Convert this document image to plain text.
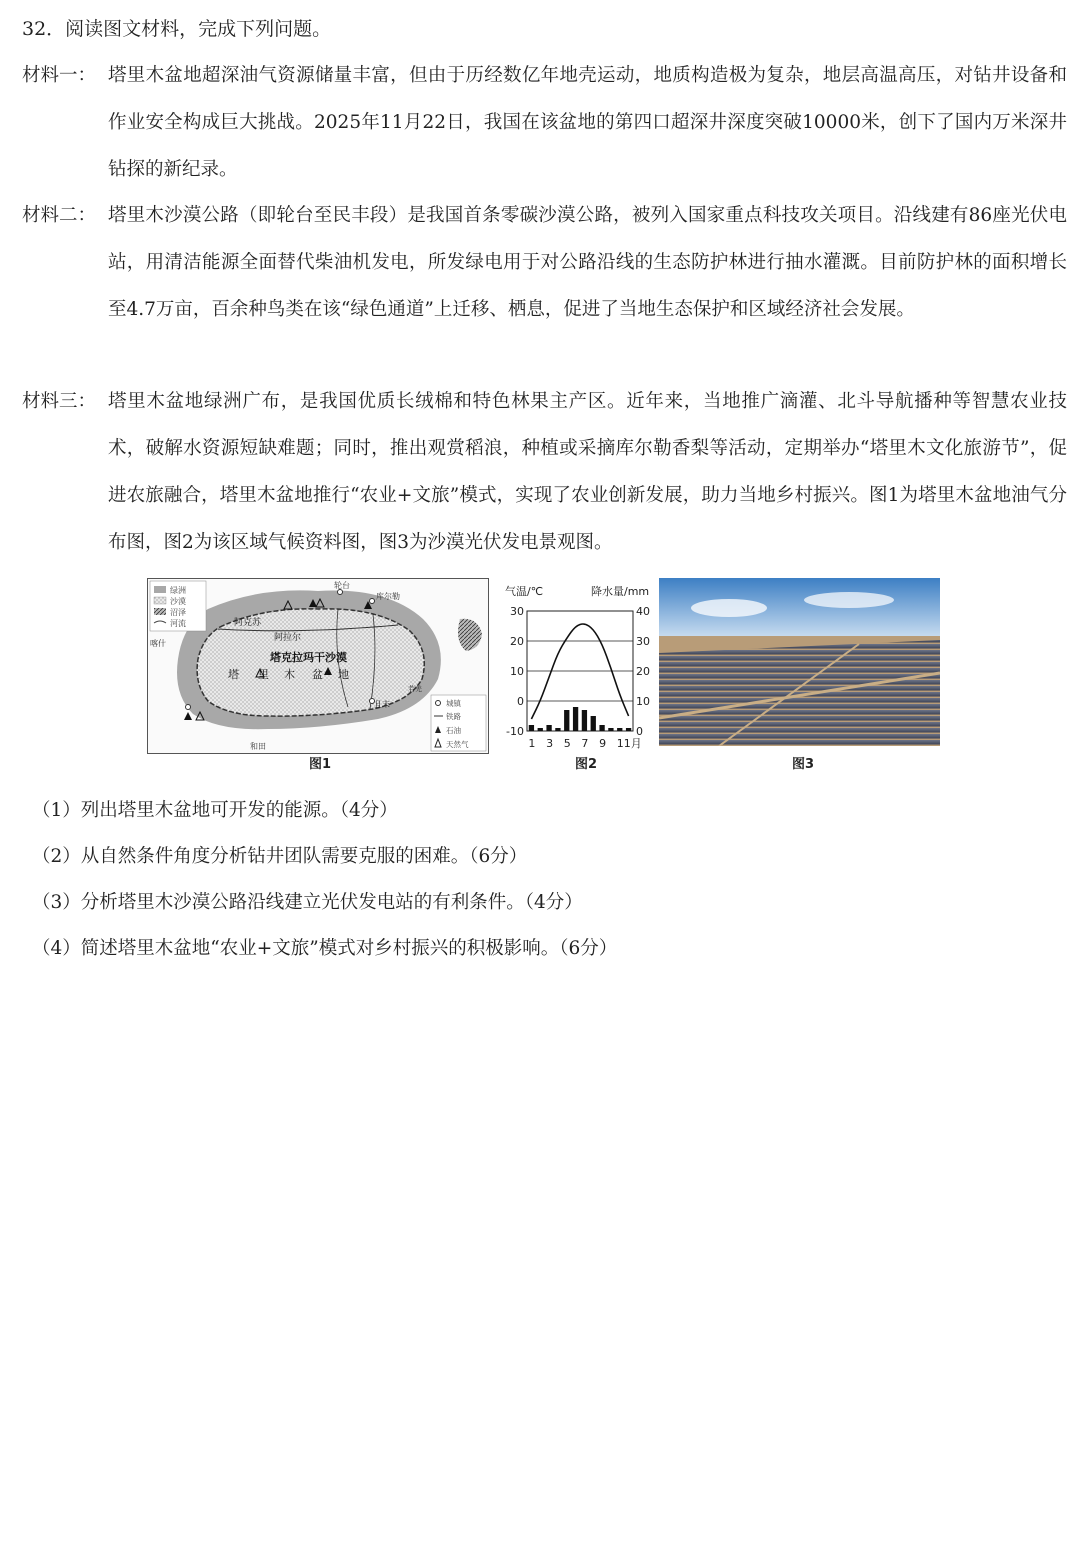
32．阅读图文材料，完成下列问题。
材料一： 塔里木盆地超深油气资源储量丰富，但由于历经数亿年地壳运动，地质构造极为复杂，地层高温高压，对钻井设备和作业安全构成巨大挑战。2025年11月22日，我国在该盆地的第四口超深井深度突破10000米，创下了国内万米深井钻探的新纪录。
材料二： 塔里木沙漠公路（即轮台至民丰段）是我国首条零碳沙漠公路，被列入国家重点科技攻关项目。沿线建有86座光伏电站，用清洁能源全面替代柴油机发电，所发绿电用于对公路沿线的生态防护林进行抽水灌溉。目前防护林的面积增长至4.7万亩，百余种鸟类在该“绿色通道”上迁移、栖息，促进了当地生态保护和区域经济社会发展。
材料三： 塔里木盆地绿洲广布，是我国优质长绒棉和特色林果主产区。近年来，当地推广滴灌、北斗导航播种等智慧农业技术，破解水资源短缺难题；同时，推出观赏稻浪，种植或采摘库尔勒香梨等活动，定期举办“塔里木文化旅游节”，促进农旅融合，塔里木盆地推行“农业+文旅”模式，实现了农业创新发展，助力当地乡村振兴。图1为塔里木盆地油气分布图，图2为该区域气候资料图，图3为沙漠光伏发电景观图。
绿洲
沙漠
沼泽
河流
城镇
铁路
石油
天然气
轮台
库尔勒
阿克苏
阿拉尔
喀什
和田
且末
若羌
塔克拉玛干沙漠
塔 里 木 盆 地
图1
气温/℃	降水量/mm
30
20
10
0
-10
40
30
20
10
0
1 3 5 7 9 11月
图2	图3
（1）列出塔里木盆地可开发的能源。（4分）
（2）从自然条件角度分析钻井团队需要克服的困难。（6分）
（3）分析塔里木沙漠公路沿线建立光伏发电站的有利条件。（4分）
（4）简述塔里木盆地“农业+文旅”模式对乡村振兴的积极影响。（6分）
